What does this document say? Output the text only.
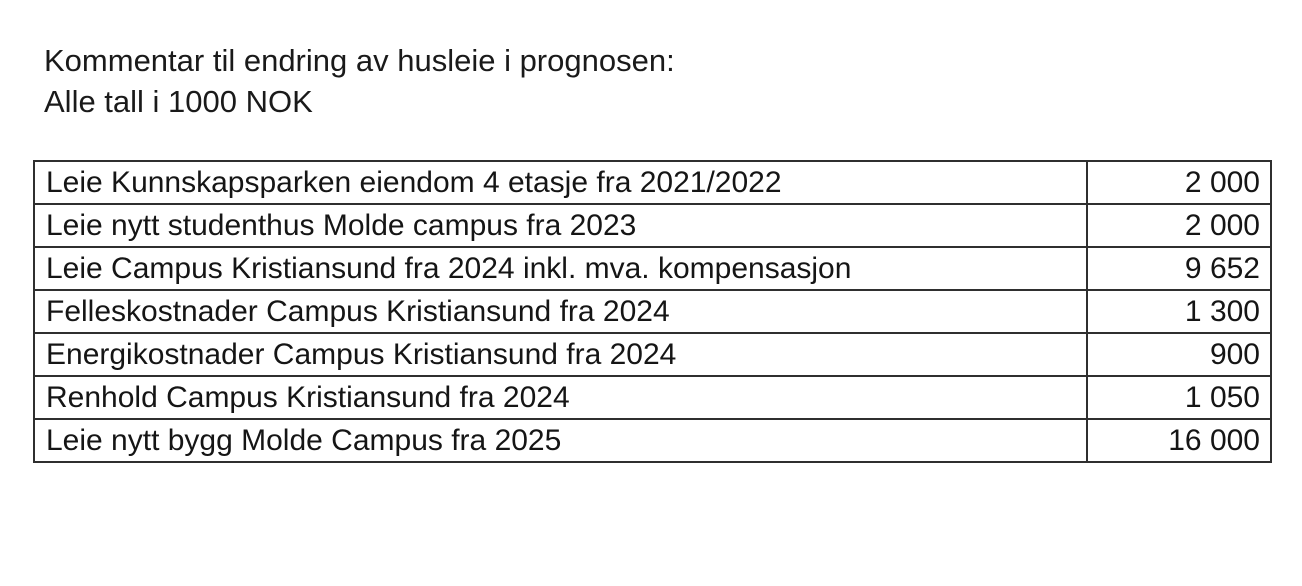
Kommentar til endring av husleie i prognosen:
Alle tall i 1000 NOK
Leie Kunnskapsparken eiendom 4 etasje fra 2021/2022	2 000
Leie nytt studenthus Molde campus fra 2023	2 000
Leie Campus Kristiansund fra 2024 inkl. mva. kompensasjon	9 652
Felleskostnader Campus Kristiansund fra 2024	1 300
Energikostnader Campus Kristiansund fra 2024	900
Renhold Campus Kristiansund fra 2024	1 050
Leie nytt bygg Molde Campus fra 2025	16 000
